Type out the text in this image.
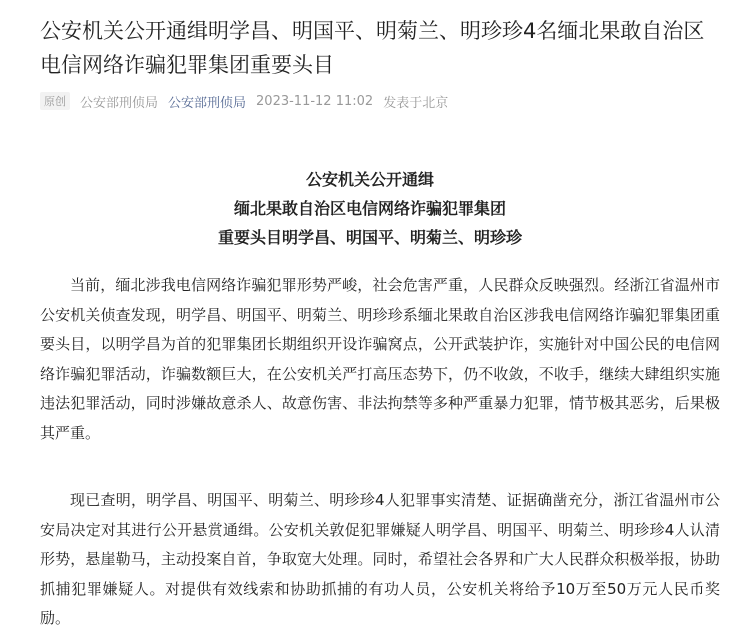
公安机关公开通缉明学昌、明国平、明菊兰、明珍珍4名缅北果敢自治区电信网络诈骗犯罪集团重要头目
原创	公安部刑侦局 公安部刑侦局 2023-11-12 11:02 发表于北京
公安机关公开通缉
缅北果敢自治区电信网络诈骗犯罪集团
重要头目明学昌、明国平、明菊兰、明珍珍

当前，缅北涉我电信网络诈骗犯罪形势严峻，社会危害严重，人民群众反映强烈。经浙江省温州市公安机关侦查发现，明学昌、明国平、明菊兰、明珍珍系缅北果敢自治区涉我电信网络诈骗犯罪集团重要头目，以明学昌为首的犯罪集团长期组织开设诈骗窝点，公开武装护诈，实施针对中国公民的电信网络诈骗犯罪活动，诈骗数额巨大，在公安机关严打高压态势下，仍不收敛，不收手，继续大肆组织实施违法犯罪活动，同时涉嫌故意杀人、故意伤害、非法拘禁等多种严重暴力犯罪，情节极其恶劣，后果极其严重。

现已查明，明学昌、明国平、明菊兰、明珍珍4人犯罪事实清楚、证据确凿充分，浙江省温州市公安局决定对其进行公开悬赏通缉。公安机关敦促犯罪嫌疑人明学昌、明国平、明菊兰、明珍珍4人认清形势，悬崖勒马，主动投案自首，争取宽大处理。同时，希望社会各界和广大人民群众积极举报，协助抓捕犯罪嫌疑人。对提供有效线索和协助抓捕的有功人员，公安机关将给予10万至50万元人民币奖励。
